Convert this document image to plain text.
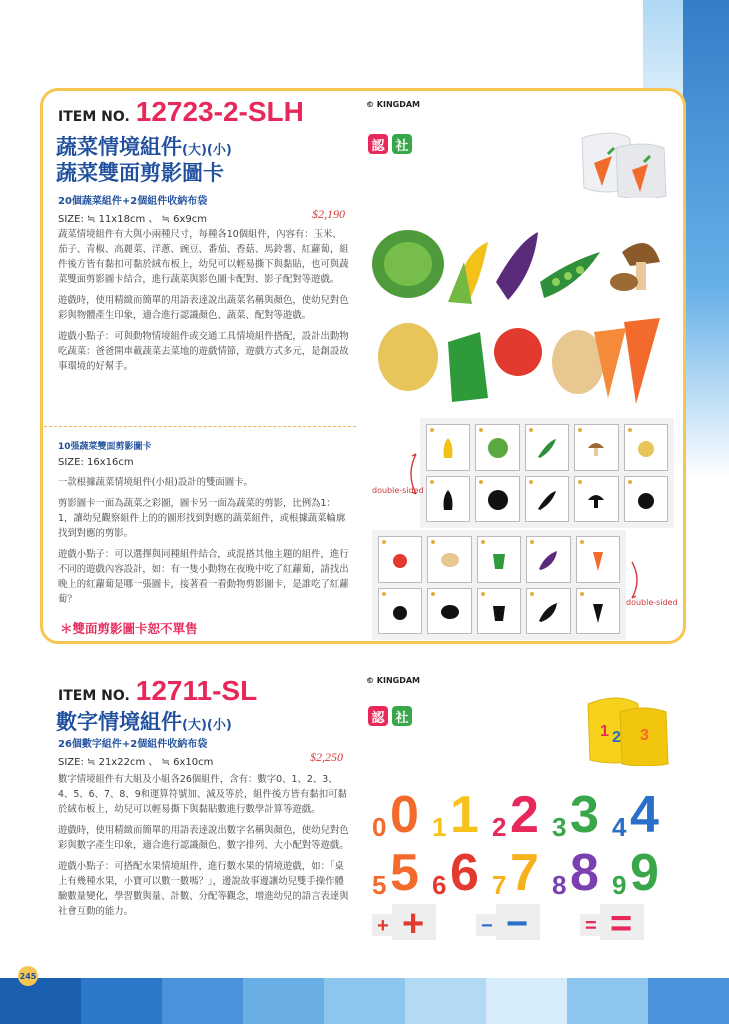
ITEM NO. 12723-2-SLH
蔬菜情境組件(大)(小)
蔬菜雙面剪影圖卡
© KINGDAM
認 社
20個蔬菜組件+2個組件收納布袋
SIZE: ≒ 11x18cm 、 ≒ 6x9cm	$2,190

蔬菜情境組件有大與小兩種尺寸，每種各10個組件，內容有：玉米、茄子、青椒、高麗菜、洋蔥、豌豆、番茄、香菇、馬鈴薯、紅蘿蔔，組件後方皆有黏扣可黏於絨布板上，幼兒可以輕易撕下與黏貼，也可與蔬菜雙面剪影圖卡結合，進行蔬菜與影色圖卡配對、影子配對等遊戲。

遊戲時，使用精緻而簡單的用語表達說出蔬菜名稱與顏色，使幼兒對色彩與物體產生印象，適合進行認識顏色、蔬菜、配對等遊戲。

遊戲小點子：可與動物情境組件或交通工具情境組件搭配，設計出動物吃蔬菜：爸爸開車載蔬菜去菜地的遊戲情節，遊戲方式多元，是創設故事環境的好幫手。

10張蔬菜雙面剪影圖卡
SIZE: 16x16cm

一款根據蔬菜情境組件(小組)設計的雙面圖卡。

剪影圖卡一面為蔬菜之彩圖，圖卡另一面為蔬菜的剪影，比例為1：1，讓幼兒觀察組件上的的圖形找到對應的蔬菜組件，或根據蔬菜輪廓找到對應的剪影。

遊戲小點子：可以選擇與同種組件結合，或混搭其他主題的組件，進行不同的遊戲內容設計，如：有一隻小動物在夜晚中吃了紅蘿蔔，請找出晚上的紅蘿蔔是哪一張圖卡，接著看一看動物剪影圖卡，是誰吃了紅蘿蔔？

＊雙面剪影圖卡恕不單售
double-sided
double-sided
ITEM NO. 12711-SL
數字情境組件(大)(小)
© KINGDAM
認 社
26個數字組件+2個組件收納布袋
SIZE: ≒ 21x22cm 、 ≒ 6x10cm	$2,250

數字情境組件有大組及小組各26個組件，含有：數字0、1、2、3、4、5、6、7、8、9和運算符號加、減及等於，組件後方皆有黏扣可黏於絨布板上，幼兒可以輕易撕下與黏貼數進行數學計算等遊戲。

遊戲時，使用精緻而簡單的用語表達說出數字名稱與顏色，使幼兒對色彩與數字產生印象，適合進行認識顏色、數字排列、大小配對等遊戲。

遊戲小點子：可搭配水果情境組件，進行數水果的情境遊戲，如：「桌上有幾種水果，小寶可以數一數嗎？」，邊說故事邊讓幼兒雙手操作體驗數量變化，學習數與量、計數、分配等觀念，增進幼兒的語言表達與社會互動的能力。

1 2 3
0 0 1 1 2 2 3 3 4 4
5 5 6 6 7 7 8 8 9 9
+ +	− −	= =
245
